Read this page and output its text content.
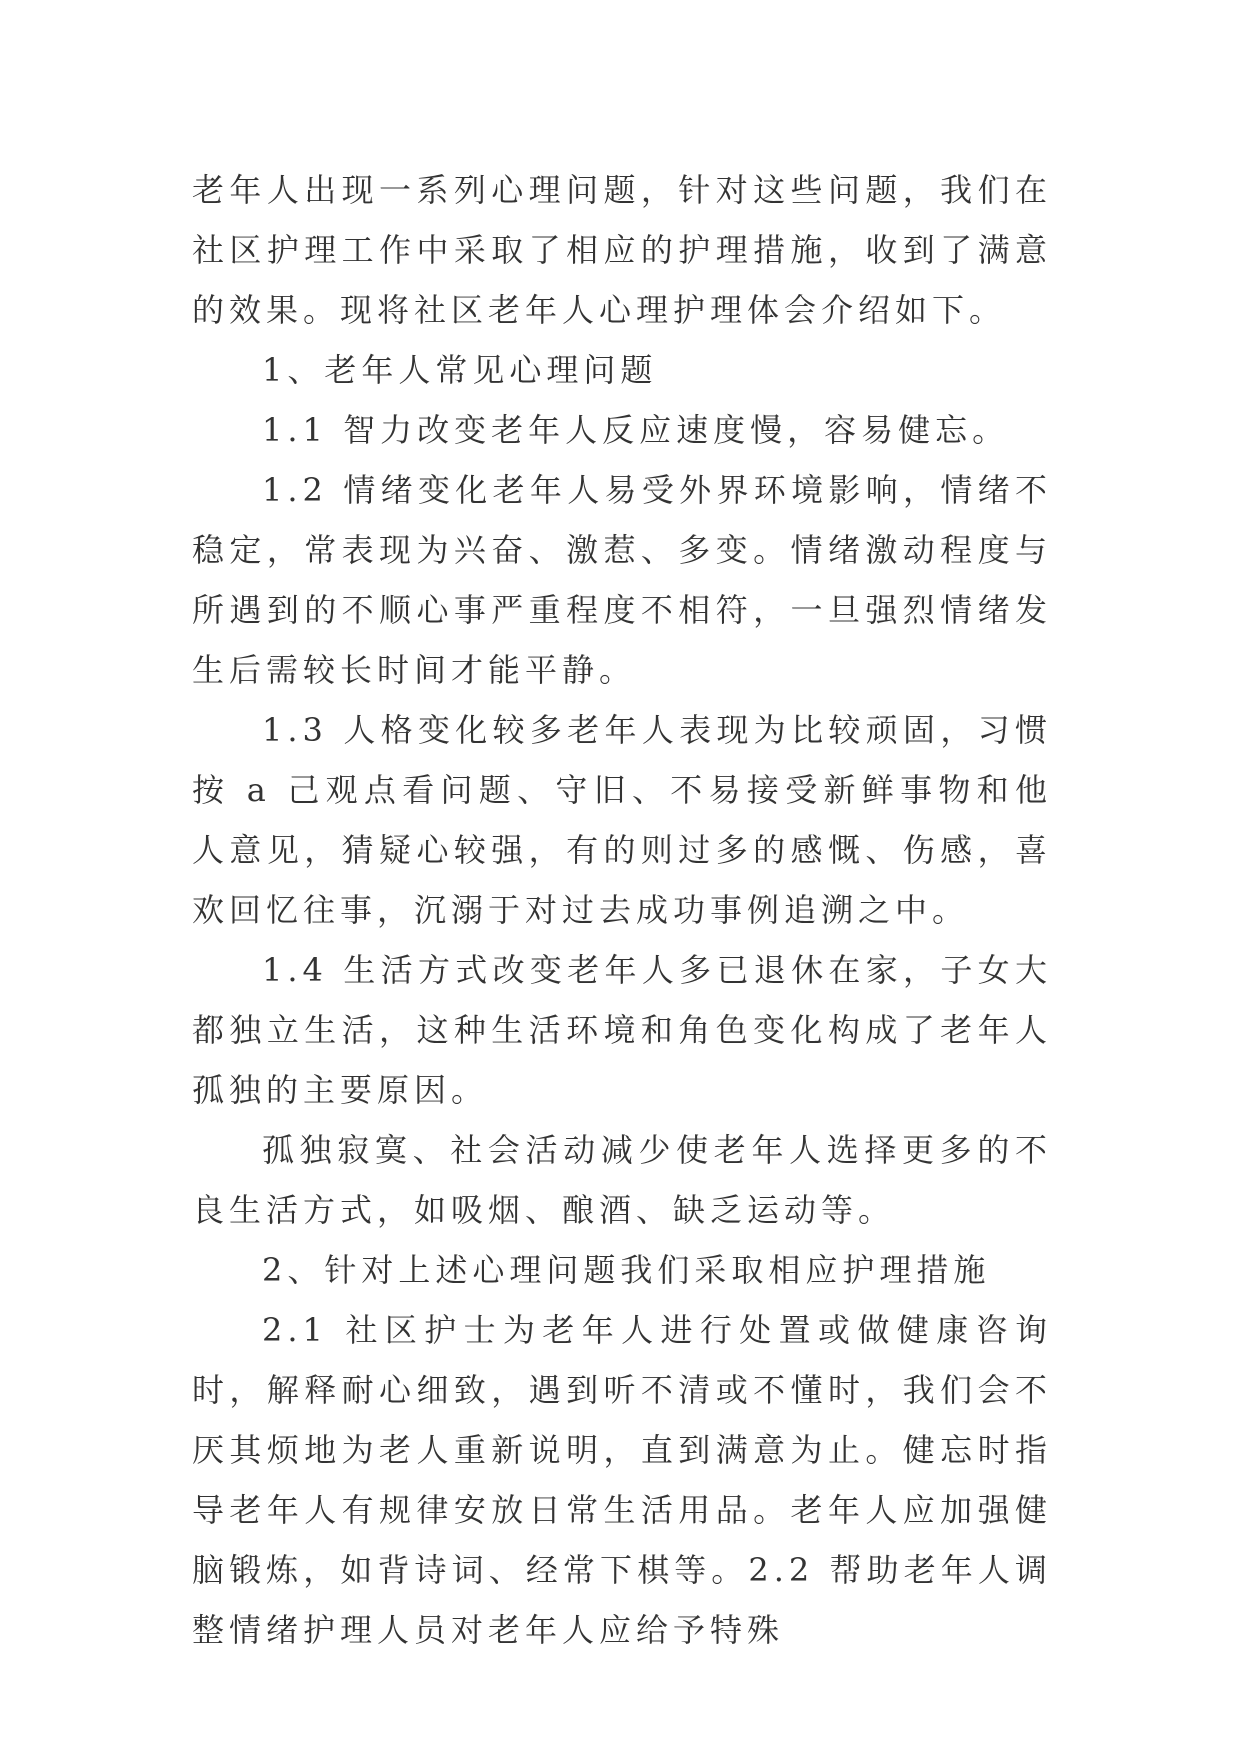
老年人出现一系列心理问题，针对这些问题，我们在社区护理工作中采取了相应的护理措施，收到了满意的效果。现将社区老年人心理护理体会介绍如下。

1、老年人常见心理问题

1.1 智力改变老年人反应速度慢，容易健忘。

1.2 情绪变化老年人易受外界环境影响，情绪不稳定，常表现为兴奋、激惹、多变。情绪激动程度与所遇到的不顺心事严重程度不相符，一旦强烈情绪发生后需较长时间才能平静。

1.3 人格变化较多老年人表现为比较顽固，习惯按 a 己观点看问题、守旧、不易接受新鲜事物和他人意见，猜疑心较强，有的则过多的感慨、伤感，喜欢回忆往事，沉溺于对过去成功事例追溯之中。

1.4 生活方式改变老年人多已退休在家，子女大都独立生活，这种生活环境和角色变化构成了老年人孤独的主要原因。

孤独寂寞、社会活动减少使老年人选择更多的不良生活方式，如吸烟、酿酒、缺乏运动等。

2、针对上述心理问题我们采取相应护理措施

2.1 社区护士为老年人进行处置或做健康咨询时，解释耐心细致，遇到听不清或不懂时，我们会不厌其烦地为老人重新说明，直到满意为止。健忘时指导老年人有规律安放日常生活用品。老年人应加强健脑锻炼，如背诗词、经常下棋等。2.2 帮助老年人调整情绪护理人员对老年人应给予特殊
